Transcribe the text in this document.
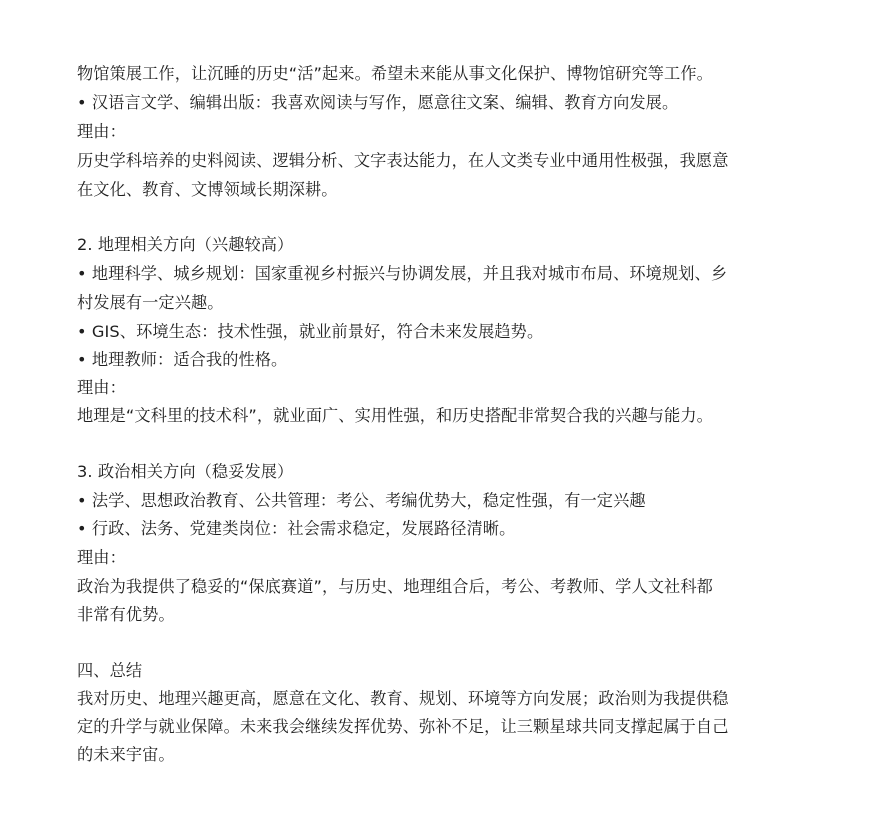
物馆策展工作，让沉睡的历史“活”起来。希望未来能从事文化保护、博物馆研究等工作。

• 汉语言文学、编辑出版：我喜欢阅读与写作，愿意往文案、编辑、教育方向发展。

理由：

历史学科培养的史料阅读、逻辑分析、文字表达能力，在人文类专业中通用性极强，我愿意

在文化、教育、文博领域长期深耕。

2. 地理相关方向（兴趣较高）

• 地理科学、城乡规划：国家重视乡村振兴与协调发展，并且我对城市布局、环境规划、乡

村发展有一定兴趣。

• GIS、环境生态：技术性强，就业前景好，符合未来发展趋势。

• 地理教师：适合我的性格。

理由：

地理是“文科里的技术科”，就业面广、实用性强，和历史搭配非常契合我的兴趣与能力。

3. 政治相关方向（稳妥发展）

• 法学、思想政治教育、公共管理：考公、考编优势大，稳定性强，有一定兴趣

• 行政、法务、党建类岗位：社会需求稳定，发展路径清晰。

理由：

政治为我提供了稳妥的“保底赛道”，与历史、地理组合后，考公、考教师、学人文社科都

非常有优势。

四、总结

我对历史、地理兴趣更高，愿意在文化、教育、规划、环境等方向发展；政治则为我提供稳

定的升学与就业保障。未来我会继续发挥优势、弥补不足，让三颗星球共同支撑起属于自己

的未来宇宙。
